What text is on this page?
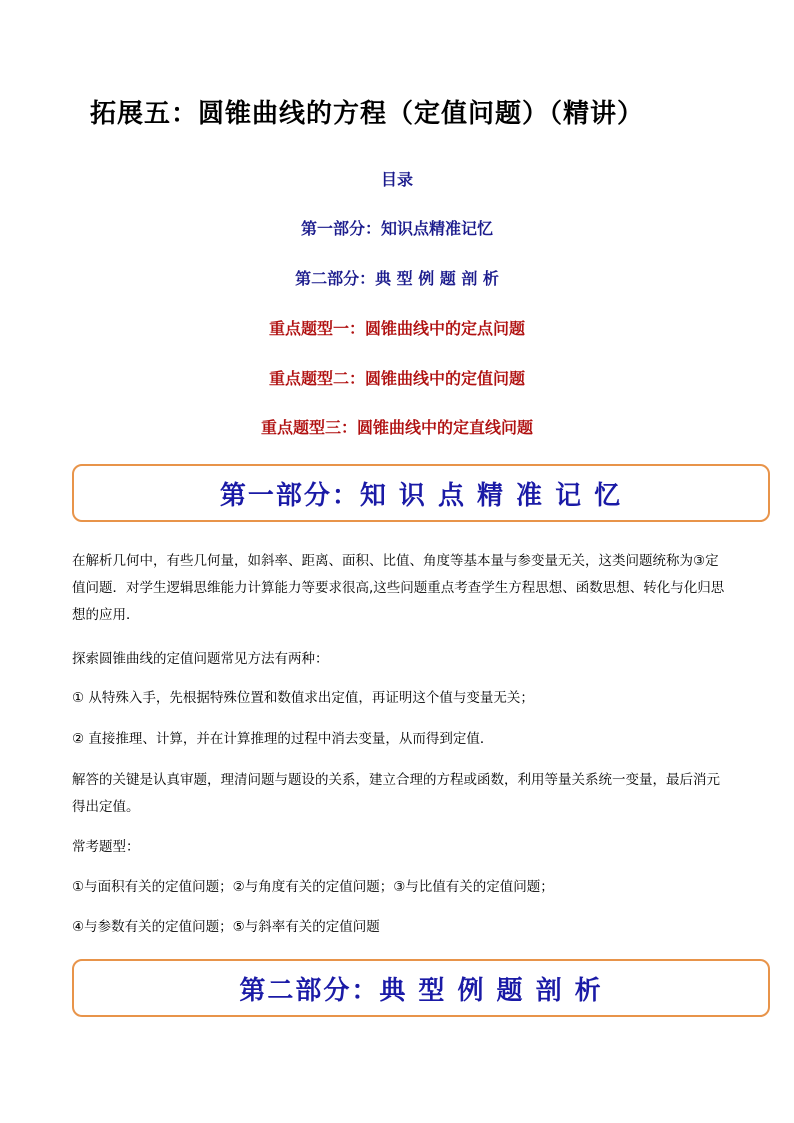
拓展五：圆锥曲线的方程（定值问题）（精讲）
目录
第一部分：知识点精准记忆
第二部分：典 型 例 题 剖 析
重点题型一：圆锥曲线中的定点问题
重点题型二：圆锥曲线中的定值问题
重点题型三：圆锥曲线中的定直线问题
第一部分：知 识 点 精 准 记 忆
在解析几何中，有些几何量，如斜率、距离、面积、比值、角度等基本量与参变量无关，这类问题统称为③定值问题．对学生逻辑思维能力计算能力等要求很高,这些问题重点考查学生方程思想、函数思想、转化与化归思想的应用．
探索圆锥曲线的定值问题常见方法有两种：
① 从特殊入手，先根据特殊位置和数值求出定值，再证明这个值与变量无关；
② 直接推理、计算，并在计算推理的过程中消去变量，从而得到定值．
解答的关键是认真审题，理清问题与题设的关系，建立合理的方程或函数，利用等量关系统一变量，最后消元得出定值。
常考题型：
①与面积有关的定值问题；②与角度有关的定值问题；③与比值有关的定值问题；
④与参数有关的定值问题；⑤与斜率有关的定值问题
第二部分：典 型 例 题 剖 析
